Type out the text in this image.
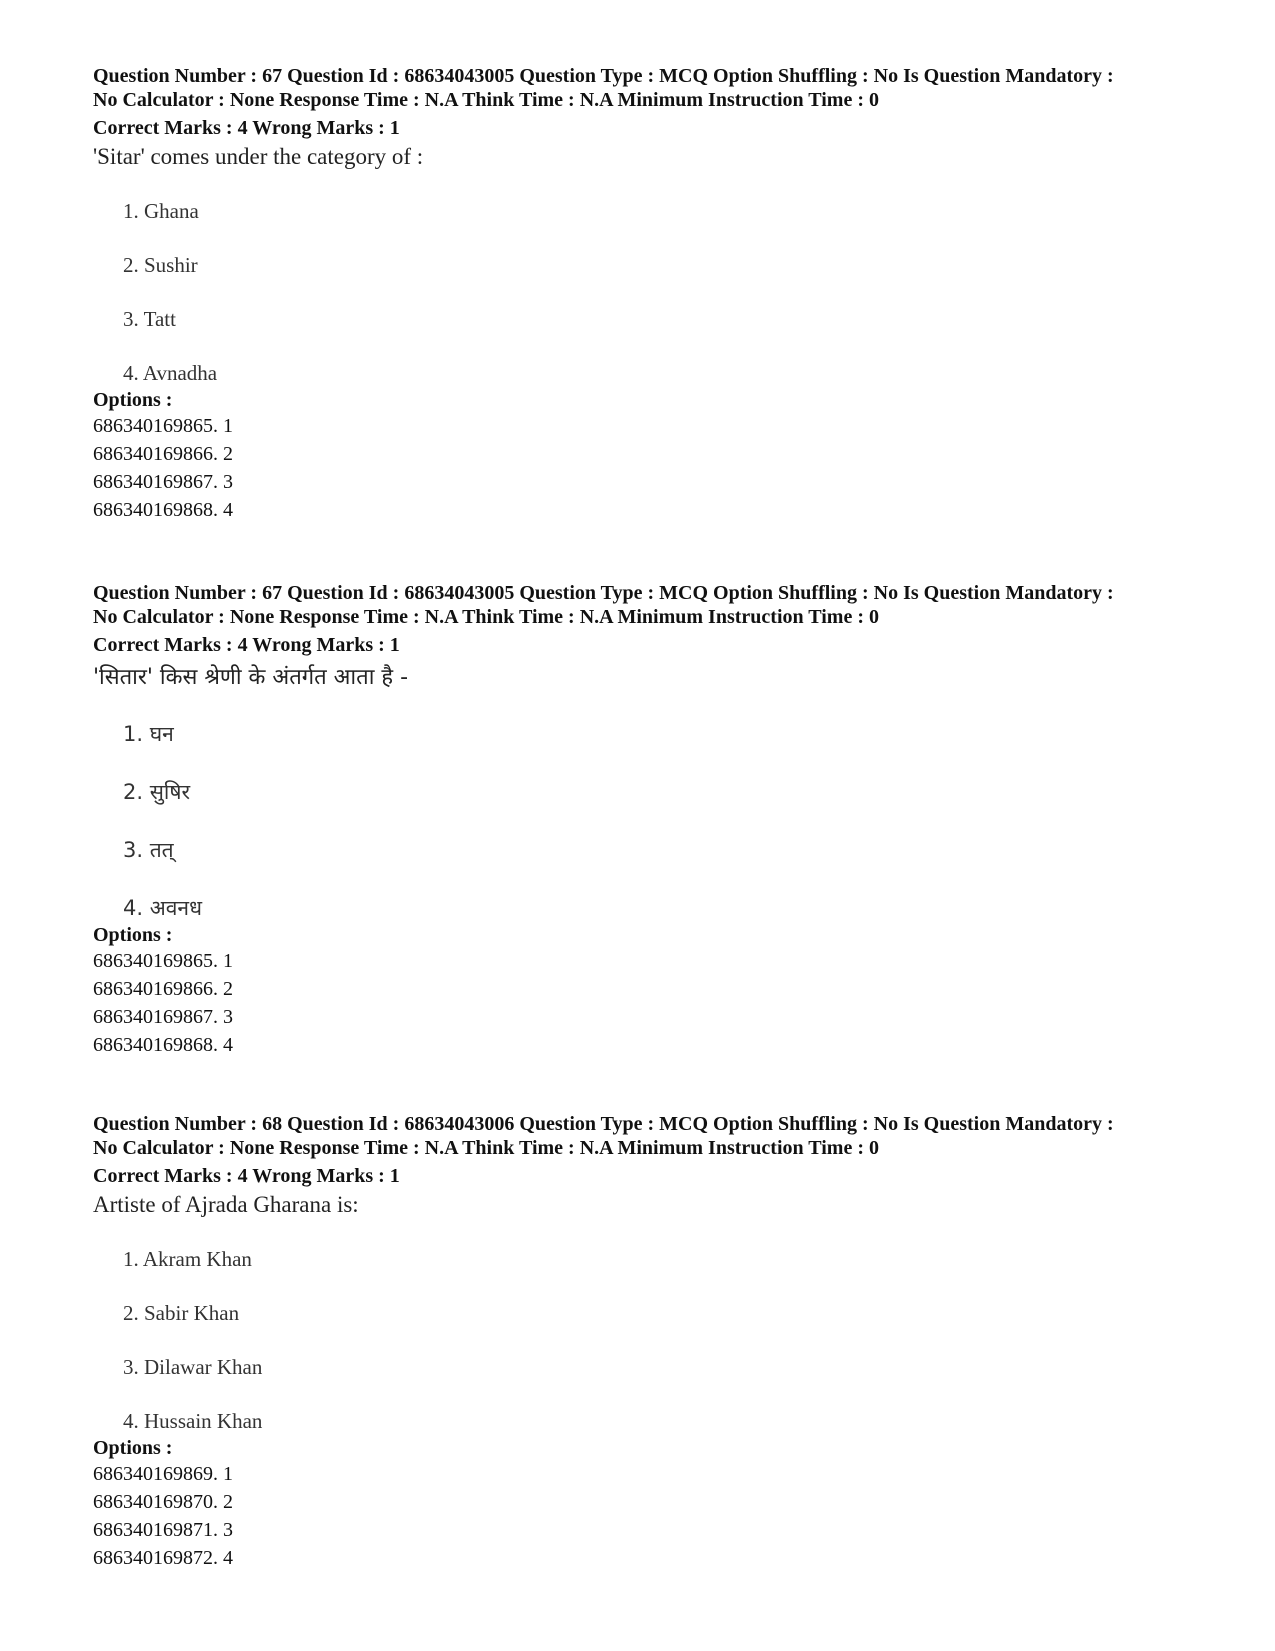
Question Number : 67 Question Id : 68634043005 Question Type : MCQ Option Shuffling : No Is Question Mandatory :

No Calculator : None Response Time : N.A Think Time : N.A Minimum Instruction Time : 0

Correct Marks : 4 Wrong Marks : 1
'Sitar' comes under the category of :
1. Ghana
2. Sushir
3. Tatt
4. Avnadha
Options :
686340169865. 1
686340169866. 2
686340169867. 3
686340169868. 4

Question Number : 67 Question Id : 68634043005 Question Type : MCQ Option Shuffling : No Is Question Mandatory :

No Calculator : None Response Time : N.A Think Time : N.A Minimum Instruction Time : 0

Correct Marks : 4 Wrong Marks : 1
'सितार' किस श्रेणी के अंतर्गत आता है -
1. घन
2. सुषिर
3. तत्
4. अवनध
Options :
686340169865. 1
686340169866. 2
686340169867. 3
686340169868. 4

Question Number : 68 Question Id : 68634043006 Question Type : MCQ Option Shuffling : No Is Question Mandatory :

No Calculator : None Response Time : N.A Think Time : N.A Minimum Instruction Time : 0

Correct Marks : 4 Wrong Marks : 1
Artiste of Ajrada Gharana is:
1. Akram Khan
2. Sabir Khan
3. Dilawar Khan
4. Hussain Khan
Options :
686340169869. 1
686340169870. 2
686340169871. 3
686340169872. 4
